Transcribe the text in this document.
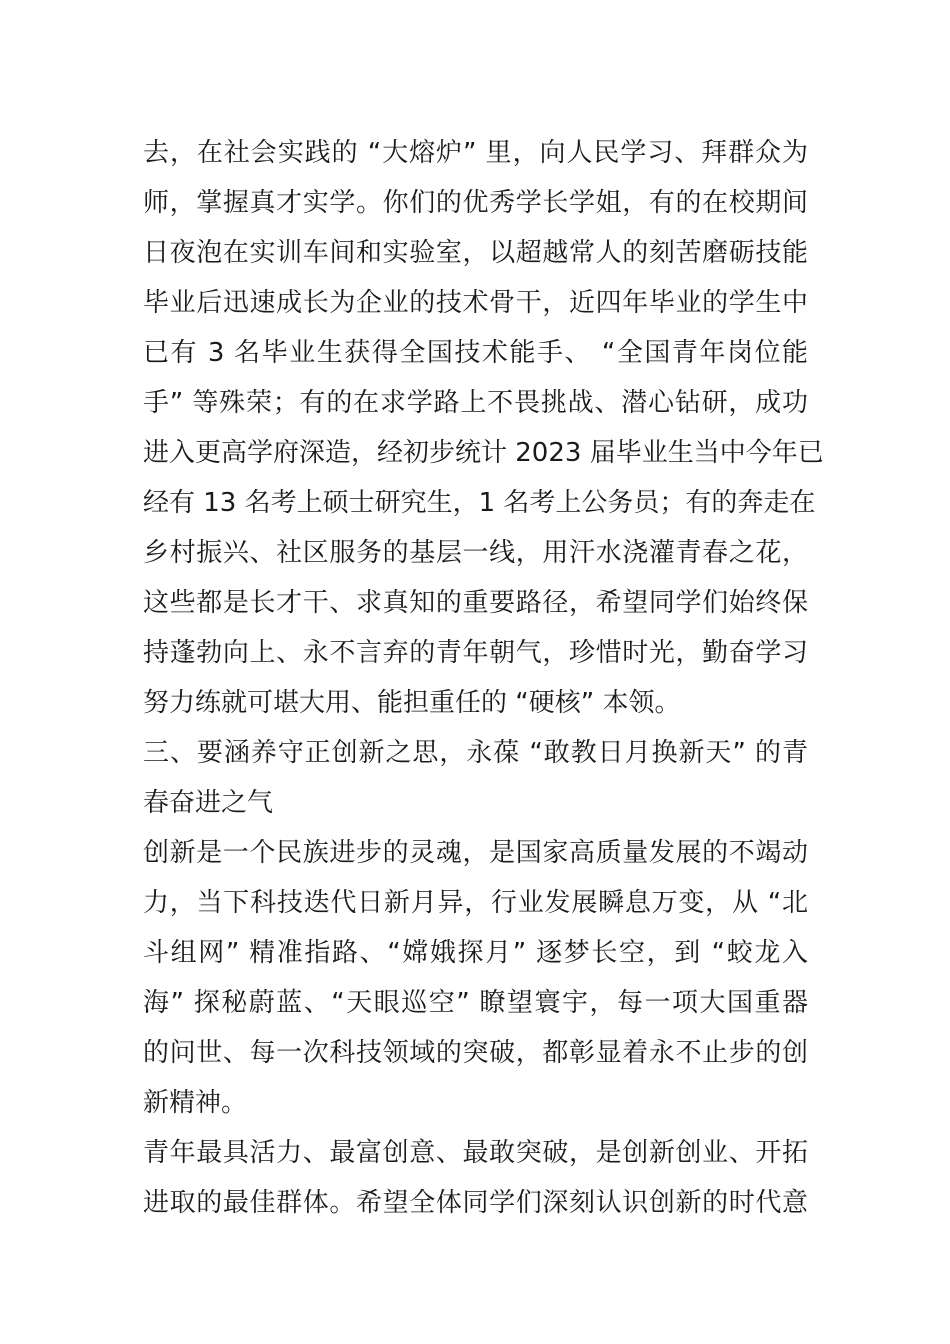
去，在社会实践的 “大熔炉” 里，向人民学习、拜群众为
师，掌握真才实学。你们的优秀学长学姐，有的在校期间
日夜泡在实训车间和实验室，以超越常人的刻苦磨砺技能
毕业后迅速成长为企业的技术骨干，近四年毕业的学生中
已有 3 名毕业生获得全国技术能手、 “全国青年岗位能
手” 等殊荣；有的在求学路上不畏挑战、潜心钻研，成功
进入更高学府深造，经初步统计 2023 届毕业生当中今年已
经有 13 名考上硕士研究生，1 名考上公务员；有的奔走在
乡村振兴、社区服务的基层一线，用汗水浇灌青春之花，
这些都是长才干、求真知的重要路径，希望同学们始终保
持蓬勃向上、永不言弃的青年朝气，珍惜时光，勤奋学习
努力练就可堪大用、能担重任的 “硬核” 本领。
三、要涵养守正创新之思，永葆 “敢教日月换新天” 的青
春奋进之气
创新是一个民族进步的灵魂，是国家高质量发展的不竭动
力，当下科技迭代日新月异，行业发展瞬息万变，从 “北
斗组网” 精准指路、“嫦娥探月” 逐梦长空，到 “蛟龙入
海” 探秘蔚蓝、“天眼巡空” 瞭望寰宇，每一项大国重器
的问世、每一次科技领域的突破，都彰显着永不止步的创
新精神。
青年最具活力、最富创意、最敢突破，是创新创业、开拓
进取的最佳群体。希望全体同学们深刻认识创新的时代意
